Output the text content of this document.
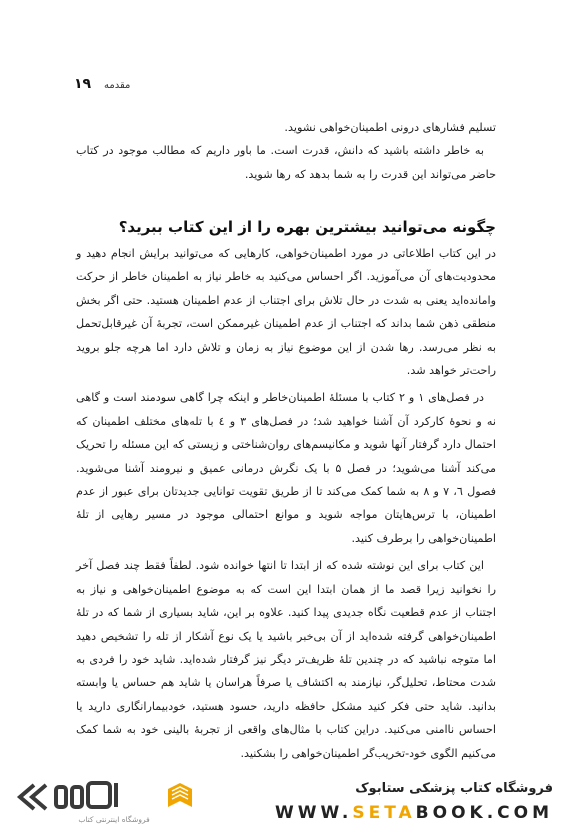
۱۹ مقدمه

تسلیم فشارهای درونی اطمینان‌خواهی نشوید.

به خاطر داشته باشید که دانش، قدرت است. ما باور داریم که مطالب موجود در کتاب حاضر می‌تواند این قدرت را به شما بدهد که رها شوید.

چگونه می‌توانید بیشترین بهره را از این کتاب ببرید؟

در این کتاب اطلاعاتی در مورد اطمینان‌خواهی، کارهایی که می‌توانید برایش انجام دهید و محدودیت‌های آن می‌آموزید. اگر احساس می‌کنید به خاطر نیاز به اطمینان خاطر از حرکت وامانده‌اید یعنی به شدت در حال تلاش برای اجتناب از عدم اطمینان هستید. حتی اگر بخش منطقی ذهن شما بداند که اجتناب از عدم اطمینان غیرممکن است، تجربهٔ آن غیرقابل‌تحمل به نظر می‌رسد. رها شدن از این موضوع نیاز به زمان و تلاش دارد اما هرچه جلو بروید راحت‌تر خواهد شد.

در فصل‌های ۱ و ۲ کتاب با مسئلهٔ اطمینان‌خاطر و اینکه چرا گاهی سودمند است و گاهی نه و نحوهٔ کارکرد آن آشنا خواهید شد؛ در فصل‌های ۳ و ٤ با تله‌های مختلف اطمینان که احتمال دارد گرفتار آنها شوید و مکانیسم‌های روان‌شناختی و زیستی که این مسئله را تحریک می‌کند آشنا می‌شوید؛ در فصل ۵ با یک نگرش درمانی عمیق و نیرومند آشنا می‌شوید. فصول ٦، ۷ و ۸ به شما کمک می‌کند تا از طریق تقویت توانایی جدیدتان برای عبور از عدم اطمینان، با ترس‌هایتان مواجه شوید و موانع احتمالی موجود در مسیر رهایی از تلهٔ اطمینان‌خواهی را برطرف کنید.

این کتاب برای این نوشته شده که از ابتدا تا انتها خوانده شود. لطفاً فقط چند فصل آخر را نخوانید زیرا قصد ما از همان ابتدا این است که به موضوع اطمینان‌خواهی و نیاز به اجتناب از عدم قطعیت نگاه جدیدی پیدا کنید. علاوه بر این، شاید بسیاری از شما که در تلهٔ اطمینان‌خواهی گرفته شده‌اید از آن بی‌خبر باشید یا یک نوع آشکار از تله را تشخیص دهید اما متوجه نباشید که در چندین تلهٔ ظریف‌تر دیگر نیز گرفتار شده‌اید. شاید خود را فردی به شدت محتاط، تحلیل‌گر، نیازمند به اکتشاف یا صرفاً هراسان یا شاید هم حساس یا وابسته بدانید. شاید حتی فکر کنید مشکل حافظه دارید، حسود هستید، خودبیمارانگاری دارید یا احساس ناامنی می‌کنید. دراین کتاب با مثال‌های واقعی از تجربهٔ بالینی خود به شما کمک می‌کنیم الگوی خود-تخریب‌گر اطمینان‌خواهی را بشکنید.

فروشگاه اینترنتی کتاب
فروشگاه کتاب پزشکی ستابوک
WWW.SETABOOK.COM
